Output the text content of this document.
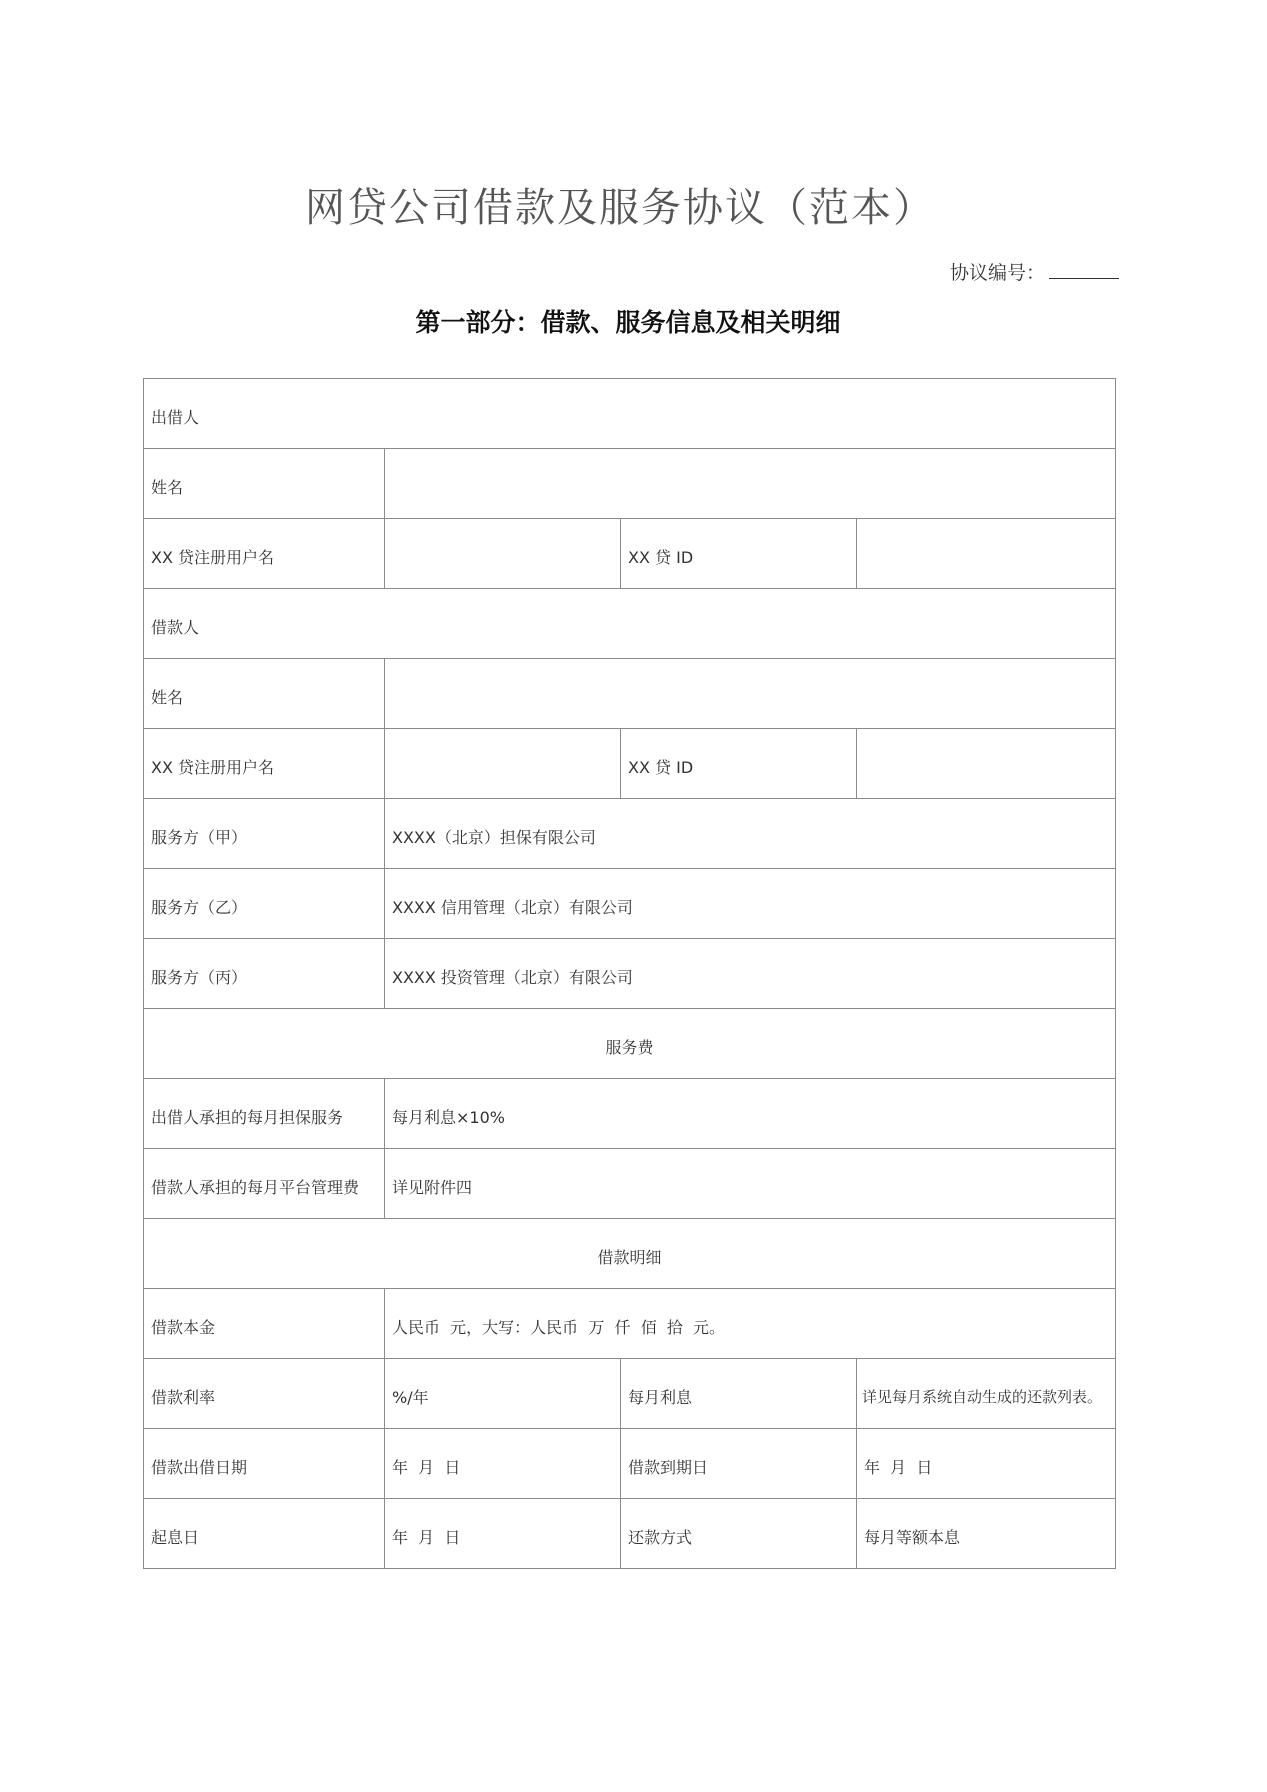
网贷公司借款及服务协议（范本）
协议编号：
第一部分：借款、服务信息及相关明细
出借人			
姓名			
XX 贷注册用户名		XX 贷 ID	
借款人			
姓名			
XX 贷注册用户名		XX 贷 ID	
服务方（甲）	XXXX（北京）担保有限公司		
服务方（乙）	XXXX 信用管理（北京）有限公司		
服务方（丙）	XXXX 投资管理（北京）有限公司		
服务费			
出借人承担的每月担保服务	每月利息×10%		
借款人承担的每月平台管理费	详见附件四		
借款明细			
借款本金	人民币  元，大写：人民币  万  仟  佰  拾  元。		
借款利率	%/年	每月利息	详见每月系统自动生成的还款列表。
借款出借日期	年  月  日	借款到期日	年  月  日
起息日	年  月  日	还款方式	每月等额本息
